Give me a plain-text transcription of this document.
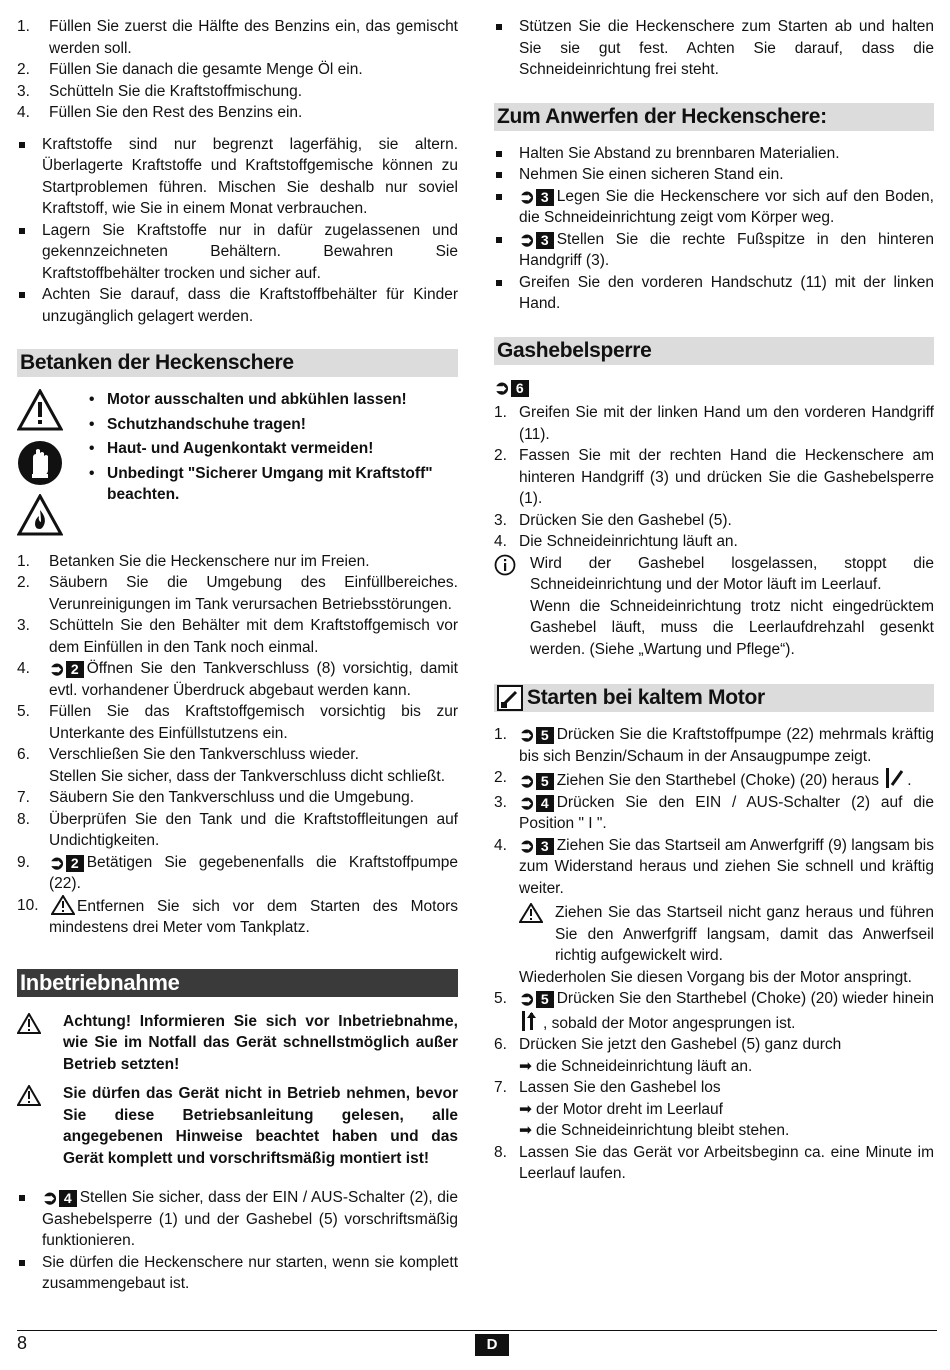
1. Füllen Sie zuerst die Hälfte des Benzins ein, das gemischt werden soll.
2. Füllen Sie danach die gesamte Menge Öl ein.
3. Schütteln Sie die Kraftstoffmischung.
4. Füllen Sie den Rest des Benzins ein.
Kraftstoffe sind nur begrenzt lagerfähig, sie altern. Überlagerte Kraftstoffe und Kraftstoffgemische können zu Startproblemen führen. Mischen Sie deshalb nur soviel Kraftstoff, wie Sie in einem Monat verbrauchen.
Lagern Sie Kraftstoffe nur in dafür zugelassenen und gekennzeichneten Behältern. Bewahren Sie Kraftstoffbehälter trocken und sicher auf.
Achten Sie darauf, dass die Kraftstoffbehälter für Kinder unzugänglich gelagert werden.
Betanken der Heckenschere

• Motor ausschalten und abkühlen lassen!
• Schutzhandschuhe tragen!
• Haut- und Augenkontakt vermeiden!
• Unbedingt "Sicherer Umgang mit Kraftstoff" beachten.
1. Betanken Sie die Heckenschere nur im Freien.
2. Säubern Sie die Umgebung des Einfüllbereiches. Verunreinigungen im Tank verursachen Betriebsstörungen.
3. Schütteln Sie den Behälter mit dem Kraftstoffgemisch vor dem Einfüllen in den Tank noch einmal.
4. ➲ 2 Öffnen Sie den Tankverschluss (8) vorsichtig, damit evtl. vorhandener Überdruck abgebaut werden kann.
5. Füllen Sie das Kraftstoffgemisch vorsichtig bis zur Unterkante des Einfüllstutzens ein.
6. Verschließen Sie den Tankverschluss wieder.
Stellen Sie sicher, dass der Tankverschluss dicht schließt.
7. Säubern Sie den Tankverschluss und die Umgebung.
8. Überprüfen Sie den Tank und die Kraftstoffleitungen auf Undichtigkeiten.
9. ➲ 2 Betätigen Sie gegebenenfalls die Kraftstoffpumpe (22).
10. Entfernen Sie sich vor dem Starten des Motors mindestens drei Meter vom Tankplatz.
Inbetriebnahme
Achtung! Informieren Sie sich vor Inbetriebnahme, wie Sie im Notfall das Gerät schnellstmöglich außer Betrieb setzten!
Sie dürfen das Gerät nicht in Betrieb nehmen, bevor Sie diese Betriebsanleitung gelesen, alle angegebenen Hinweise beachtet haben und das Gerät komplett und vorschriftsmäßig montiert ist!
➲ 4 Stellen Sie sicher, dass der EIN / AUS-Schalter (2), die Gashebelsperre (1) und der Gashebel (5) vorschriftsmäßig funktionieren.
Sie dürfen die Heckenschere nur starten, wenn sie komplett zusammengebaut ist.
Stützen Sie die Heckenschere zum Starten ab und halten Sie sie gut fest. Achten Sie darauf, dass die Schneideinrichtung frei steht.
Zum Anwerfen der Heckenschere:
Halten Sie Abstand zu brennbaren Materialien.
Nehmen Sie einen sicheren Stand ein.
➲ 3 Legen Sie die Heckenschere vor sich auf den Boden, die Schneideinrichtung zeigt vom Körper weg.
➲ 3 Stellen Sie die rechte Fußspitze in den hinteren Handgriff (3).
Greifen Sie den vorderen Handschutz (11) mit der linken Hand.
Gashebelsperre
➲ 6
1. Greifen Sie mit der linken Hand um den vorderen Handgriff (11).
2. Fassen Sie mit der rechten Hand die Heckenschere am hinteren Handgriff (3) und drücken Sie die Gashebelsperre (1).
3. Drücken Sie den Gashebel (5).
4. Die Schneideinrichtung läuft an.
Wird der Gashebel losgelassen, stoppt die Schneideinrichtung und der Motor läuft im Leerlauf.
Wenn die Schneideinrichtung trotz nicht eingedrücktem Gashebel läuft, muss die Leerlaufdrehzahl gesenkt werden. (Siehe „Wartung und Pflege“).
Starten bei kaltem Motor
1. ➲ 5 Drücken Sie die Kraftstoffpumpe (22) mehrmals kräftig bis sich Benzin/Schaum in der Ansaugpumpe zeigt.
2. ➲ 5 Ziehen Sie den Starthebel (Choke) (20) heraus .
3. ➲ 4 Drücken Sie den EIN / AUS-Schalter (2) auf die Position " I ".
4. ➲ 3 Ziehen Sie das Startseil am Anwerfgriff (9) langsam bis zum Widerstand heraus und ziehen Sie schnell und kräftig weiter.
Ziehen Sie das Startseil nicht ganz heraus und führen Sie den Anwerfgriff langsam, damit das Anwerfseil richtig aufgewickelt wird.
Wiederholen Sie diesen Vorgang bis der Motor anspringt.
5. ➲ 5 Drücken Sie den Starthebel (Choke) (20) wieder hinein , sobald der Motor angesprungen ist.
6. Drücken Sie jetzt den Gashebel (5) ganz durch
➡ die Schneideinrichtung läuft an.
7. Lassen Sie den Gashebel los
➡ der Motor dreht im Leerlauf
➡ die Schneideinrichtung bleibt stehen.
8. Lassen Sie das Gerät vor Arbeitsbeginn ca. eine Minute im Leerlauf laufen.
8	D
